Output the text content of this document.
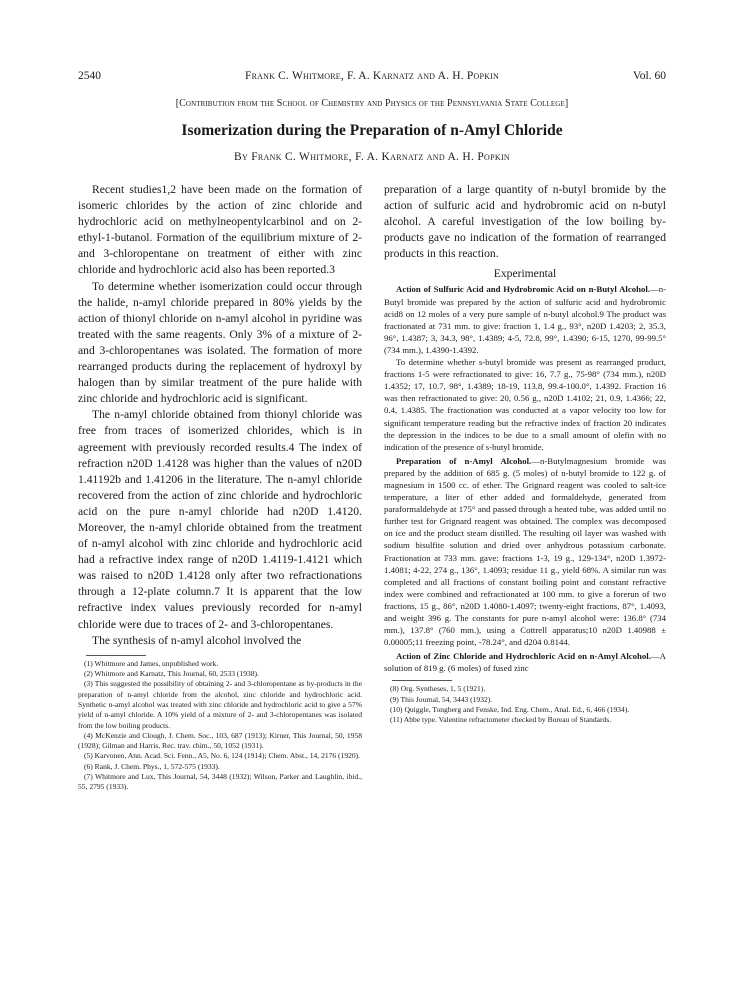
2540	Frank C. Whitmore, F. A. Karnatz and A. H. Popkin	Vol. 60
[Contribution from the School of Chemistry and Physics of the Pennsylvania State College]
Isomerization during the Preparation of n-Amyl Chloride
By Frank C. Whitmore, F. A. Karnatz and A. H. Popkin

Recent studies1,2 have been made on the formation of isomeric chlorides by the action of zinc chloride and hydrochloric acid on methylneopentylcarbinol and on 2-ethyl-1-butanol. Formation of the equilibrium mixture of 2- and 3-chloropentane on treatment of either with zinc chloride and hydrochloric acid also has been reported.3

To determine whether isomerization could occur through the halide, n-amyl chloride prepared in 80% yields by the action of thionyl chloride on n-amyl alcohol in pyridine was treated with the same reagents. Only 3% of a mixture of 2- and 3-chloropentanes was isolated. The formation of more rearranged products during the replacement of hydroxyl by halogen than by similar treatment of the pure halide with zinc chloride and hydrochloric acid is significant.

The n-amyl chloride obtained from thionyl chloride was free from traces of isomerized chlorides, which is in agreement with previously recorded results.4 The index of refraction n20D 1.4128 was higher than the values of n20D 1.41192b and 1.41206 in the literature. The n-amyl chloride recovered from the action of zinc chloride and hydrochloric acid on the pure n-amyl chloride had n20D 1.4120. Moreover, the n-amyl chloride obtained from the treatment of n-amyl alcohol with zinc chloride and hydrochloric acid had a refractive index range of n20D 1.4119-1.4121 which was raised to n20D 1.4128 only after two refractionations through a 12-plate column.7 It is apparent that the low refractive index values previously recorded for n-amyl chloride were due to traces of 2- and 3-chloropentanes.

The synthesis of n-amyl alcohol involved the

(1) Whitmore and James, unpublished work.

(2) Whitmore and Karnatz, This Journal, 60, 2533 (1938).

(3) This suggested the possibility of obtaining 2- and 3-chloropentane as by-products in the preparation of n-amyl chloride from the alcohol, zinc chloride and hydrochloric acid. Synthetic n-amyl alcohol was treated with zinc chloride and hydrochloric acid to give a 57% yield of n-amyl chloride. A 10% yield of a mixture of 2- and 3-chloropentanes was isolated from the low boiling products.

(4) McKenzie and Clough, J. Chem. Soc., 103, 687 (1913); Kirner, This Journal, 50, 1958 (1928); Gilman and Harris, Rec. trav. chim., 50, 1052 (1931).

(5) Karvonen, Ann. Acad. Sci. Fenn., A5, No. 6, 124 (1914); Chem. Abst., 14, 2176 (1920).

(6) Rank, J. Chem. Phys., 1, 572-575 (1933).

(7) Whitmore and Lux, This Journal, 54, 3448 (1932); Wilson, Parker and Laughlin, ibid., 55, 2795 (1933).

preparation of a large quantity of n-butyl bromide by the action of sulfuric acid and hydrobromic acid on n-butyl alcohol. A careful investigation of the low boiling by-products gave no indication of the formation of rearranged products in this reaction.

Experimental

Action of Sulfuric Acid and Hydrobromic Acid on n-Butyl Alcohol.—n-Butyl bromide was prepared by the action of sulfuric acid and hydrobromic acid8 on 12 moles of a very pure sample of n-butyl alcohol.9 The product was fractionated at 731 mm. to give: fraction 1, 1.4 g., 93°, n20D 1.4203; 2, 35.3, 96°, 1.4387; 3, 34.3, 98°, 1.4389; 4-5, 72.8, 99°, 1.4390; 6-15, 1270, 99-99.5° (734 mm.), 1.4390-1.4392.

To determine whether s-butyl bromide was present as rearranged product, fractions 1-5 were refractionated to give: 16, 7.7 g., 75-98° (734 mm.), n20D 1.4352; 17, 10.7, 98°, 1.4389; 18-19, 113.8, 99.4-100.0°, 1.4392. Fraction 16 was then refractionated to give: 20, 0.56 g., n20D 1.4102; 21, 0.9, 1.4366; 22, 0.4, 1.4385. The fractionation was conducted at a vapor velocity too low for significant temperature reading but the refractive index of fraction 20 indicates the depression in the indices to be due to a small amount of olefin with no indication of the presence of s-butyl bromide.

Preparation of n-Amyl Alcohol.—n-Butylmagnesium bromide was prepared by the addition of 685 g. (5 moles) of n-butyl bromide to 122 g. of magnesium in 1500 cc. of ether. The Grignard reagent was cooled to salt-ice temperature, a liter of ether added and formaldehyde, generated from paraformaldehyde at 175° and passed through a heated tube, was added until no further test for Grignard reagent was obtained. The complex was decomposed on ice and the product steam distilled. The resulting oil layer was washed with sodium bisulfite solution and dried over anhydrous potassium carbonate. Fractionation at 733 mm. gave: fractions 1-3, 19 g., 129-134°, n20D 1.3972-1.4081; 4-22, 274 g., 136°, 1.4093; residue 11 g., yield 68%. A similar run was completed and all fractions of constant boiling point and constant refractive index were combined and refractionated at 100 mm. to give a forerun of two fractions, 15 g., 86°, n20D 1.4080-1.4097; twenty-eight fractions, 87°, 1.4093, and weight 396 g. The constants for pure n-amyl alcohol were: 136.8° (734 mm.), 137.8° (760 mm.), using a Cottrell apparatus;10 n20D 1.40988 ± 0.00005;11 freezing point, -78.24°, and d204 0.8144.

Action of Zinc Chloride and Hydrochloric Acid on n-Amyl Alcohol.—A solution of 819 g. (6 moles) of fused zinc

(8) Org. Syntheses, 1, 5 (1921).

(9) This Journal, 54, 3443 (1932).

(10) Quiggle, Tongberg and Fenske, Ind. Eng. Chem., Anal. Ed., 6, 466 (1934).

(11) Abbe type. Valentine refractometer checked by Bureau of Standards.
